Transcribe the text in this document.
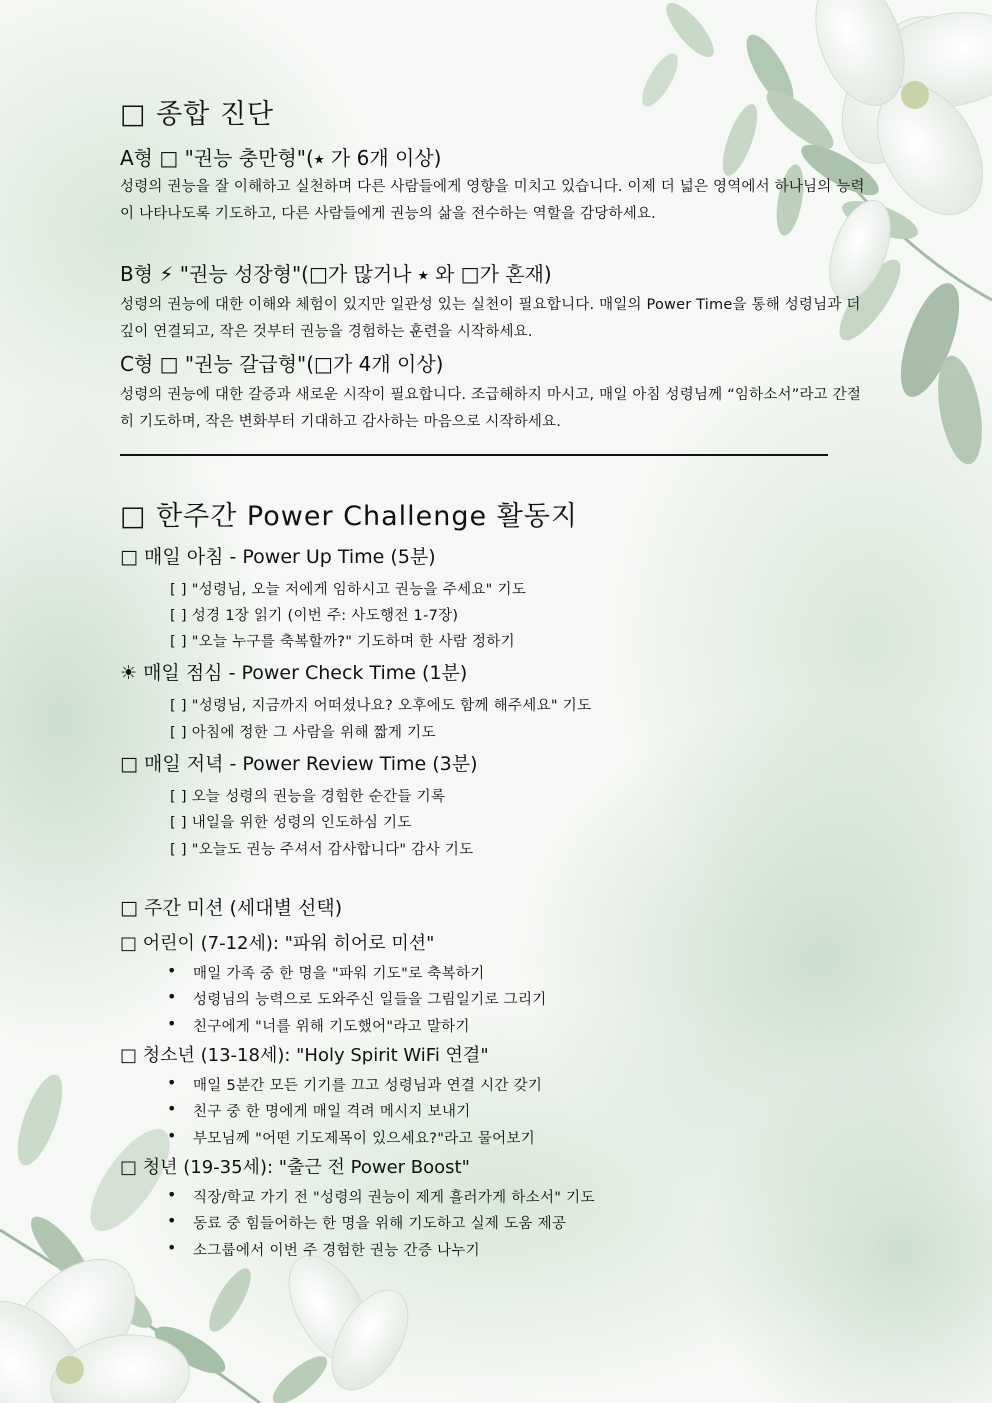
□ 종합 진단
A형 □ "권능 충만형"(⭑ 가 6개 이상)
성령의 권능을 잘 이해하고 실천하며 다른 사람들에게 영향을 미치고 있습니다. 이제 더 넓은 영역에서 하나님의 능력이 나타나도록 기도하고, 다른 사람들에게 권능의 삶을 전수하는 역할을 감당하세요.
B형 ⚡ "권능 성장형"(□가 많거나 ⭑ 와 □가 혼재)
성령의 권능에 대한 이해와 체험이 있지만 일관성 있는 실천이 필요합니다. 매일의 Power Time을 통해 성령님과 더 깊이 연결되고, 작은 것부터 권능을 경험하는 훈련을 시작하세요.
C형 □ "권능 갈급형"(□가 4개 이상)
성령의 권능에 대한 갈증과 새로운 시작이 필요합니다. 조급해하지 마시고, 매일 아침 성령님께 “임하소서”라고 간절히 기도하며, 작은 변화부터 기대하고 감사하는 마음으로 시작하세요.
□ 한주간 Power Challenge 활동지
□ 매일 아침 - Power Up Time (5분)
[ ] "성령님, 오늘 저에게 임하시고 권능을 주세요" 기도
[ ] 성경 1장 읽기 (이번 주: 사도행전 1-7장)
[ ] "오늘 누구를 축복할까?" 기도하며 한 사람 정하기
☀ 매일 점심 - Power Check Time (1분)
[ ] "성령님, 지금까지 어떠셨나요? 오후에도 함께 해주세요" 기도
[ ] 아침에 정한 그 사람을 위해 짧게 기도
□ 매일 저녁 - Power Review Time (3분)
[ ] 오늘 성령의 권능을 경험한 순간들 기록
[ ] 내일을 위한 성령의 인도하심 기도
[ ] "오늘도 권능 주셔서 감사합니다" 감사 기도
□ 주간 미션 (세대별 선택)
□ 어린이 (7-12세): "파워 히어로 미션"
• 매일 가족 중 한 명을 "파워 기도"로 축복하기
• 성령님의 능력으로 도와주신 일들을 그림일기로 그리기
• 친구에게 "너를 위해 기도했어"라고 말하기
□ 청소년 (13-18세): "Holy Spirit WiFi 연결"
• 매일 5분간 모든 기기를 끄고 성령님과 연결 시간 갖기
• 친구 중 한 명에게 매일 격려 메시지 보내기
• 부모님께 "어떤 기도제목이 있으세요?"라고 물어보기
□ 청년 (19-35세): "출근 전 Power Boost"
• 직장/학교 가기 전 "성령의 권능이 제게 흘러가게 하소서" 기도
• 동료 중 힘들어하는 한 명을 위해 기도하고 실제 도움 제공
• 소그룹에서 이번 주 경험한 권능 간증 나누기
